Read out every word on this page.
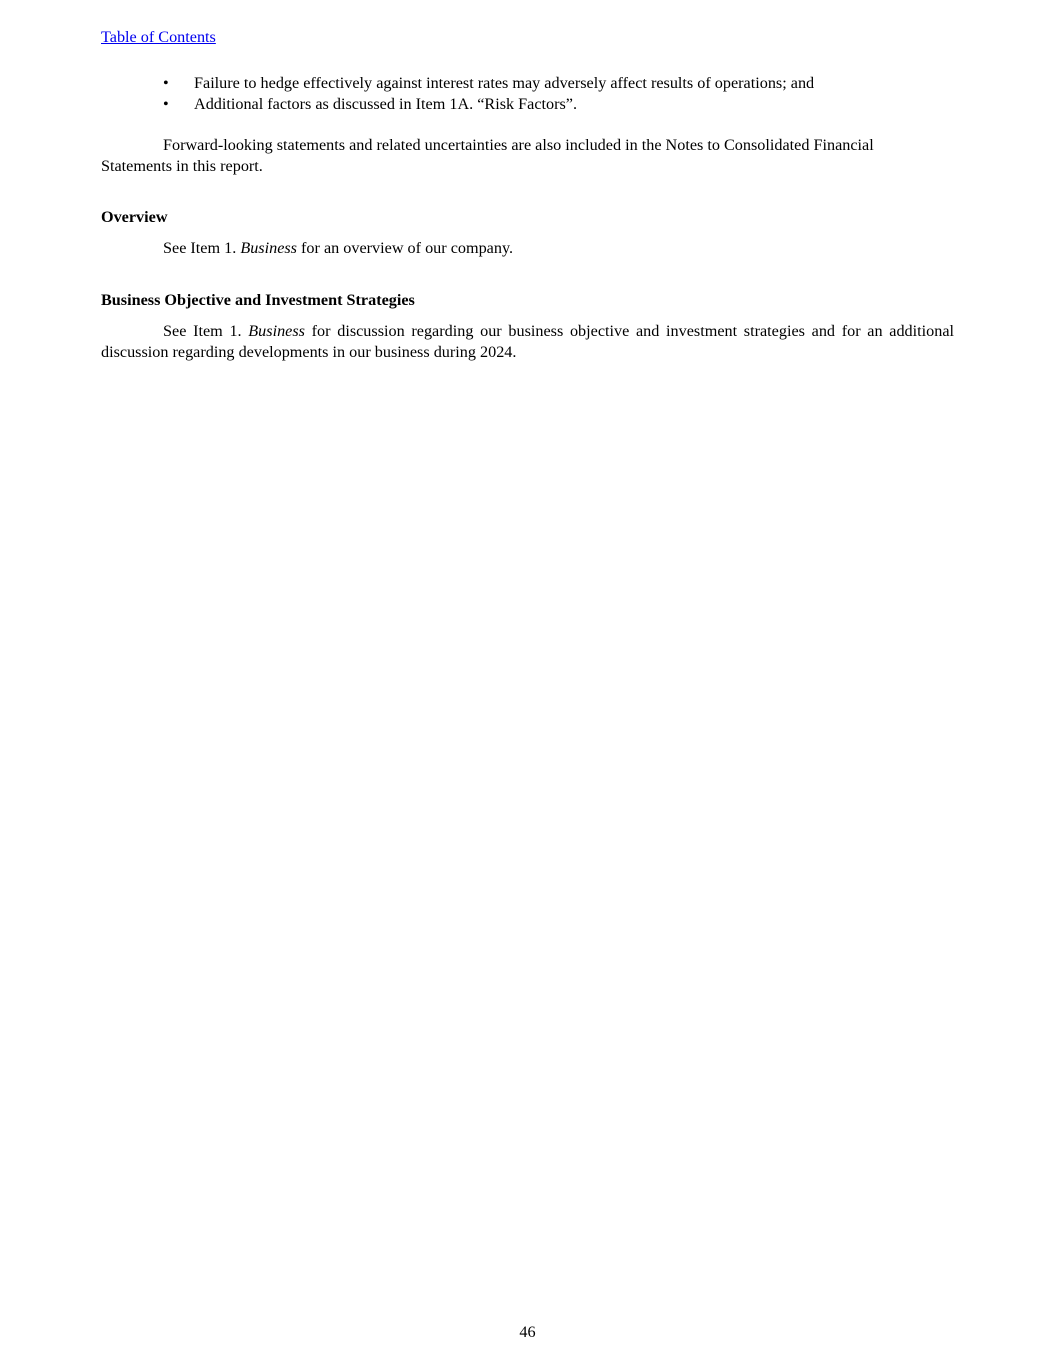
Table of Contents
•	Failure to hedge effectively against interest rates may adversely affect results of operations; and
•	Additional factors as discussed in Item 1A. “Risk Factors”.
Forward-looking statements and related uncertainties are also included in the Notes to Consolidated Financial
Statements in this report.
Overview

See Item 1. Business for an overview of our company.

Business Objective and Investment Strategies

See Item 1. Business for discussion regarding our business objective and investment strategies and for an additional discussion regarding developments in our business during 2024.

46
